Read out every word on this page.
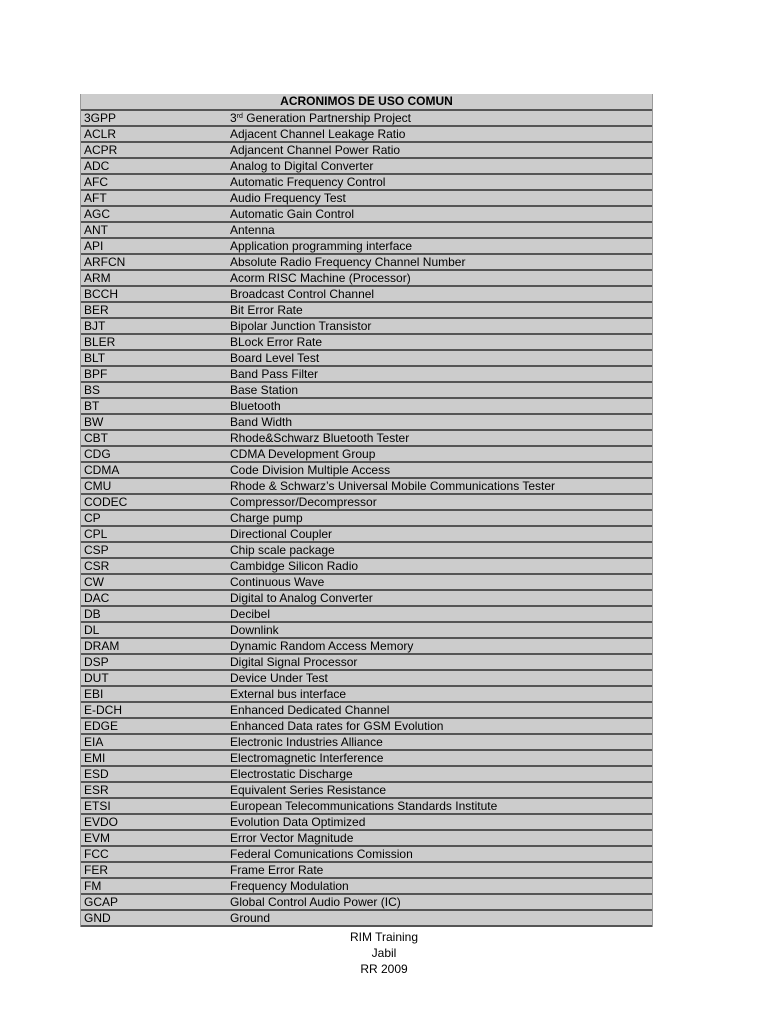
ACRONIMOS DE USO COMUN
3GPP	3rd Generation Partnership Project
ACLR	Adjacent Channel Leakage Ratio
ACPR	Adjancent Channel Power Ratio
ADC	Analog to Digital Converter
AFC	Automatic Frequency Control
AFT	Audio Frequency Test
AGC	Automatic Gain Control
ANT	Antenna
API	Application programming interface
ARFCN	Absolute Radio Frequency Channel Number
ARM	Acorm RISC Machine (Processor)
BCCH	Broadcast Control Channel
BER	Bit Error Rate
BJT	Bipolar Junction Transistor
BLER	BLock Error Rate
BLT	Board Level Test
BPF	Band Pass Filter
BS	Base Station
BT	Bluetooth
BW	Band Width
CBT	Rhode&Schwarz Bluetooth Tester
CDG	CDMA Development Group
CDMA	Code Division Multiple Access
CMU	Rhode & Schwarz’s Universal Mobile Communications Tester
CODEC	Compressor/Decompressor
CP	Charge pump
CPL	Directional Coupler
CSP	Chip scale package
CSR	Cambidge Silicon Radio
CW	Continuous Wave
DAC	Digital to Analog Converter
DB	Decibel
DL	Downlink
DRAM	Dynamic Random Access Memory
DSP	Digital Signal Processor
DUT	Device Under Test
EBI	External bus interface
E-DCH	Enhanced Dedicated Channel
EDGE	Enhanced Data rates for GSM Evolution
EIA	Electronic Industries Alliance
EMI	Electromagnetic Interference
ESD	Electrostatic Discharge
ESR	Equivalent Series Resistance
ETSI	European Telecommunications Standards Institute
EVDO	Evolution Data Optimized
EVM	Error Vector Magnitude
FCC	Federal Comunications Comission
FER	Frame Error Rate
FM	Frequency Modulation
GCAP	Global Control Audio Power (IC)
GND	Ground
RIM Training
Jabil
RR 2009
